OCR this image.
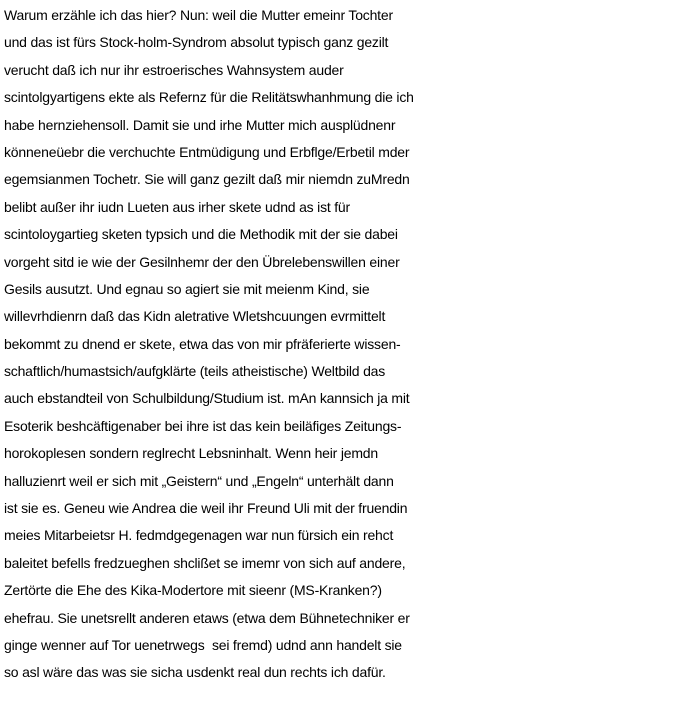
Warum erzähle ich das hier? Nun: weil die Mutter emeinr Tochter
und das ist fürs Stock-holm-Syndrom absolut typisch ganz gezilt
verucht daß ich nur ihr estroerisches Wahnsystem auder
scintolgyartigens ekte als Refernz für die Relitätswhanhmung die ich
habe hernziehensoll. Damit sie und irhe Mutter mich ausplüdnenr
könneneüebr die verchuchte Entmüdigung und Erbflge/Erbetil mder
egemsianmen Tochetr. Sie will ganz gezilt daß mir niemdn zuMredn
belibt außer ihr iudn Lueten aus irher skete udnd as ist für
scintoloygartieg sketen typsich und die Methodik mit der sie dabei
vorgeht sitd ie wie der Gesilnhemr der den Übrelebenswillen einer
Gesils ausutzt. Und egnau so agiert sie mit meienm Kind, sie
willevrhdienrn daß das Kidn aletrative Wletshcuungen evrmittelt
bekommt zu dnend er skete, etwa das von mir pfräferierte wissen-
schaftlich/humastsich/aufgklärte (teils atheistische) Weltbild das
auch ebstandteil von Schulbildung/Studium ist. mAn kannsich ja mit
Esoterik beshcäftigenaber bei ihre ist das kein beiläfiges Zeitungs-
horokoplesen sondern reglrecht Lebsninhalt. Wenn heir jemdn
halluzienrt weil er sich mit „Geistern“ und „Engeln“ unterhält dann
ist sie es. Geneu wie Andrea die weil ihr Freund Uli mit der fruendin
meies Mitarbeietsr H. fedmdgegenagen war nun fürsich ein rehct
baleitet befells fredzueghen shclißet se imemr von sich auf andere,
Zertörte die Ehe des Kika-Modertore mit sieenr (MS-Kranken?)
ehefrau. Sie unetsrellt anderen etaws (etwa dem Bühnetechniker er
ginge wenner auf Tor uenetrwegs  sei fremd) udnd ann handelt sie
so asl wäre das was sie sicha usdenkt real dun rechts ich dafür.
